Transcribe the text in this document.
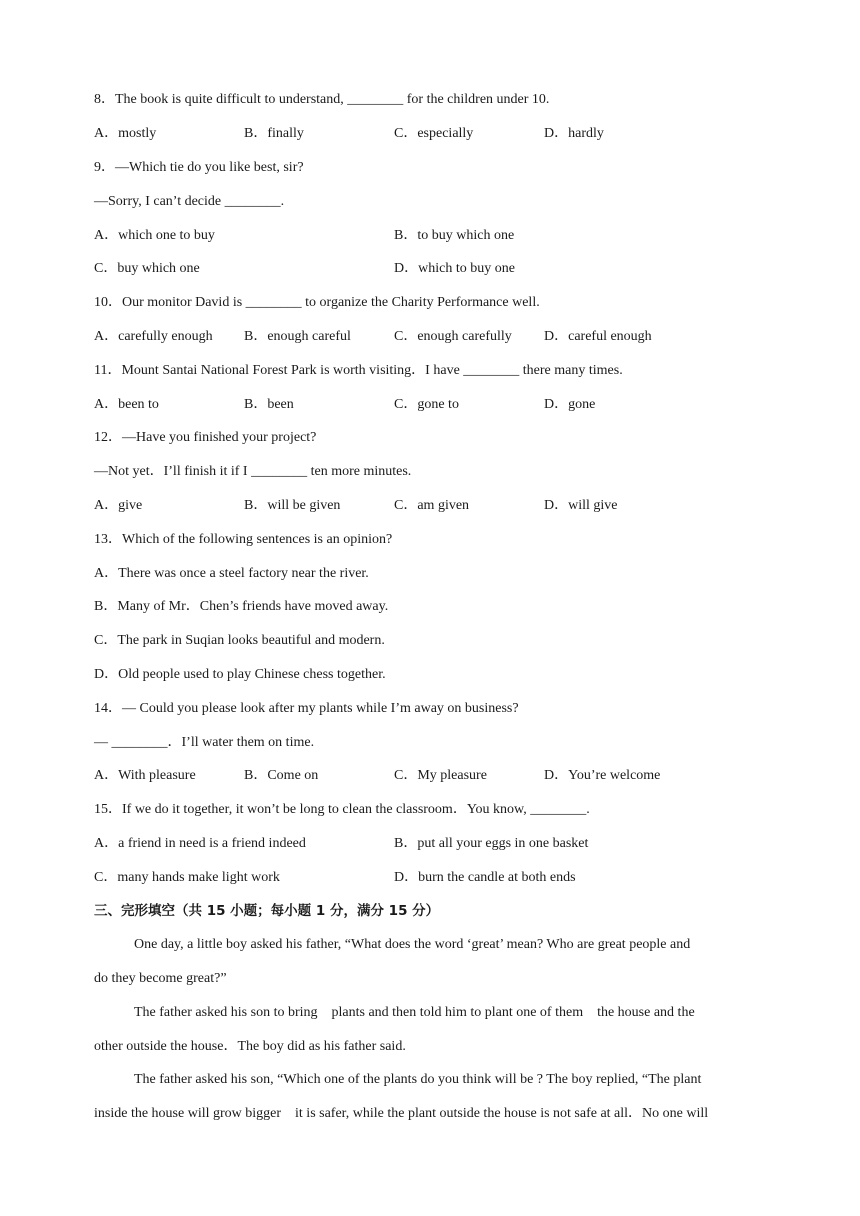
8．The book is quite difficult to understand, ________ for the children under 10.
A．mostly	B．finally	C．especially	D．hardly
9．—Which tie do you like best, sir?
—Sorry, I can’t decide ________.
A．which one to buy	B．to buy which one
C．buy which one	D．which to buy one
10．Our monitor David is ________ to organize the Charity Performance well.
A．carefully enough B．enough careful	C．enough carefully D．careful enough
11．Mount Santai National Forest Park is worth visiting．I have ________ there many times.
A．been to	B．been	C．gone to	D．gone
12．—Have you finished your project?
—Not yet．I’ll finish it if I ________ ten more minutes.
A．give	B．will be given	C．am given	D．will give
13．Which of the following sentences is an opinion?
A．There was once a steel factory near the river.
B．Many of Mr．Chen’s friends have moved away.
C．The park in Suqian looks beautiful and modern.
D．Old people used to play Chinese chess together.
14．— Could you please look after my plants while I’m away on business?
— ________．I’ll water them on time.
A．With pleasure	B．Come on	C．My pleasure	D．You’re welcome
15．If we do it together, it won’t be long to clean the classroom．You know, ________.
A．a friend in need is a friend indeed	B．put all your eggs in one basket
C．many hands make light work	D．burn the candle at both ends
三、完形填空（共 15 小题；每小题 1 分，满分 15 分）
One day, a little boy asked his father, “What does the word ‘great’ mean? Who are great people and
do they become great?”
The father asked his son to bring    plants and then told him to plant one of them    the house and the
other outside the house．The boy did as his father said.
The father asked his son, “Which one of the plants do you think will be ? The boy replied, “The plant
inside the house will grow bigger    it is safer, while the plant outside the house is not safe at all．No one will
